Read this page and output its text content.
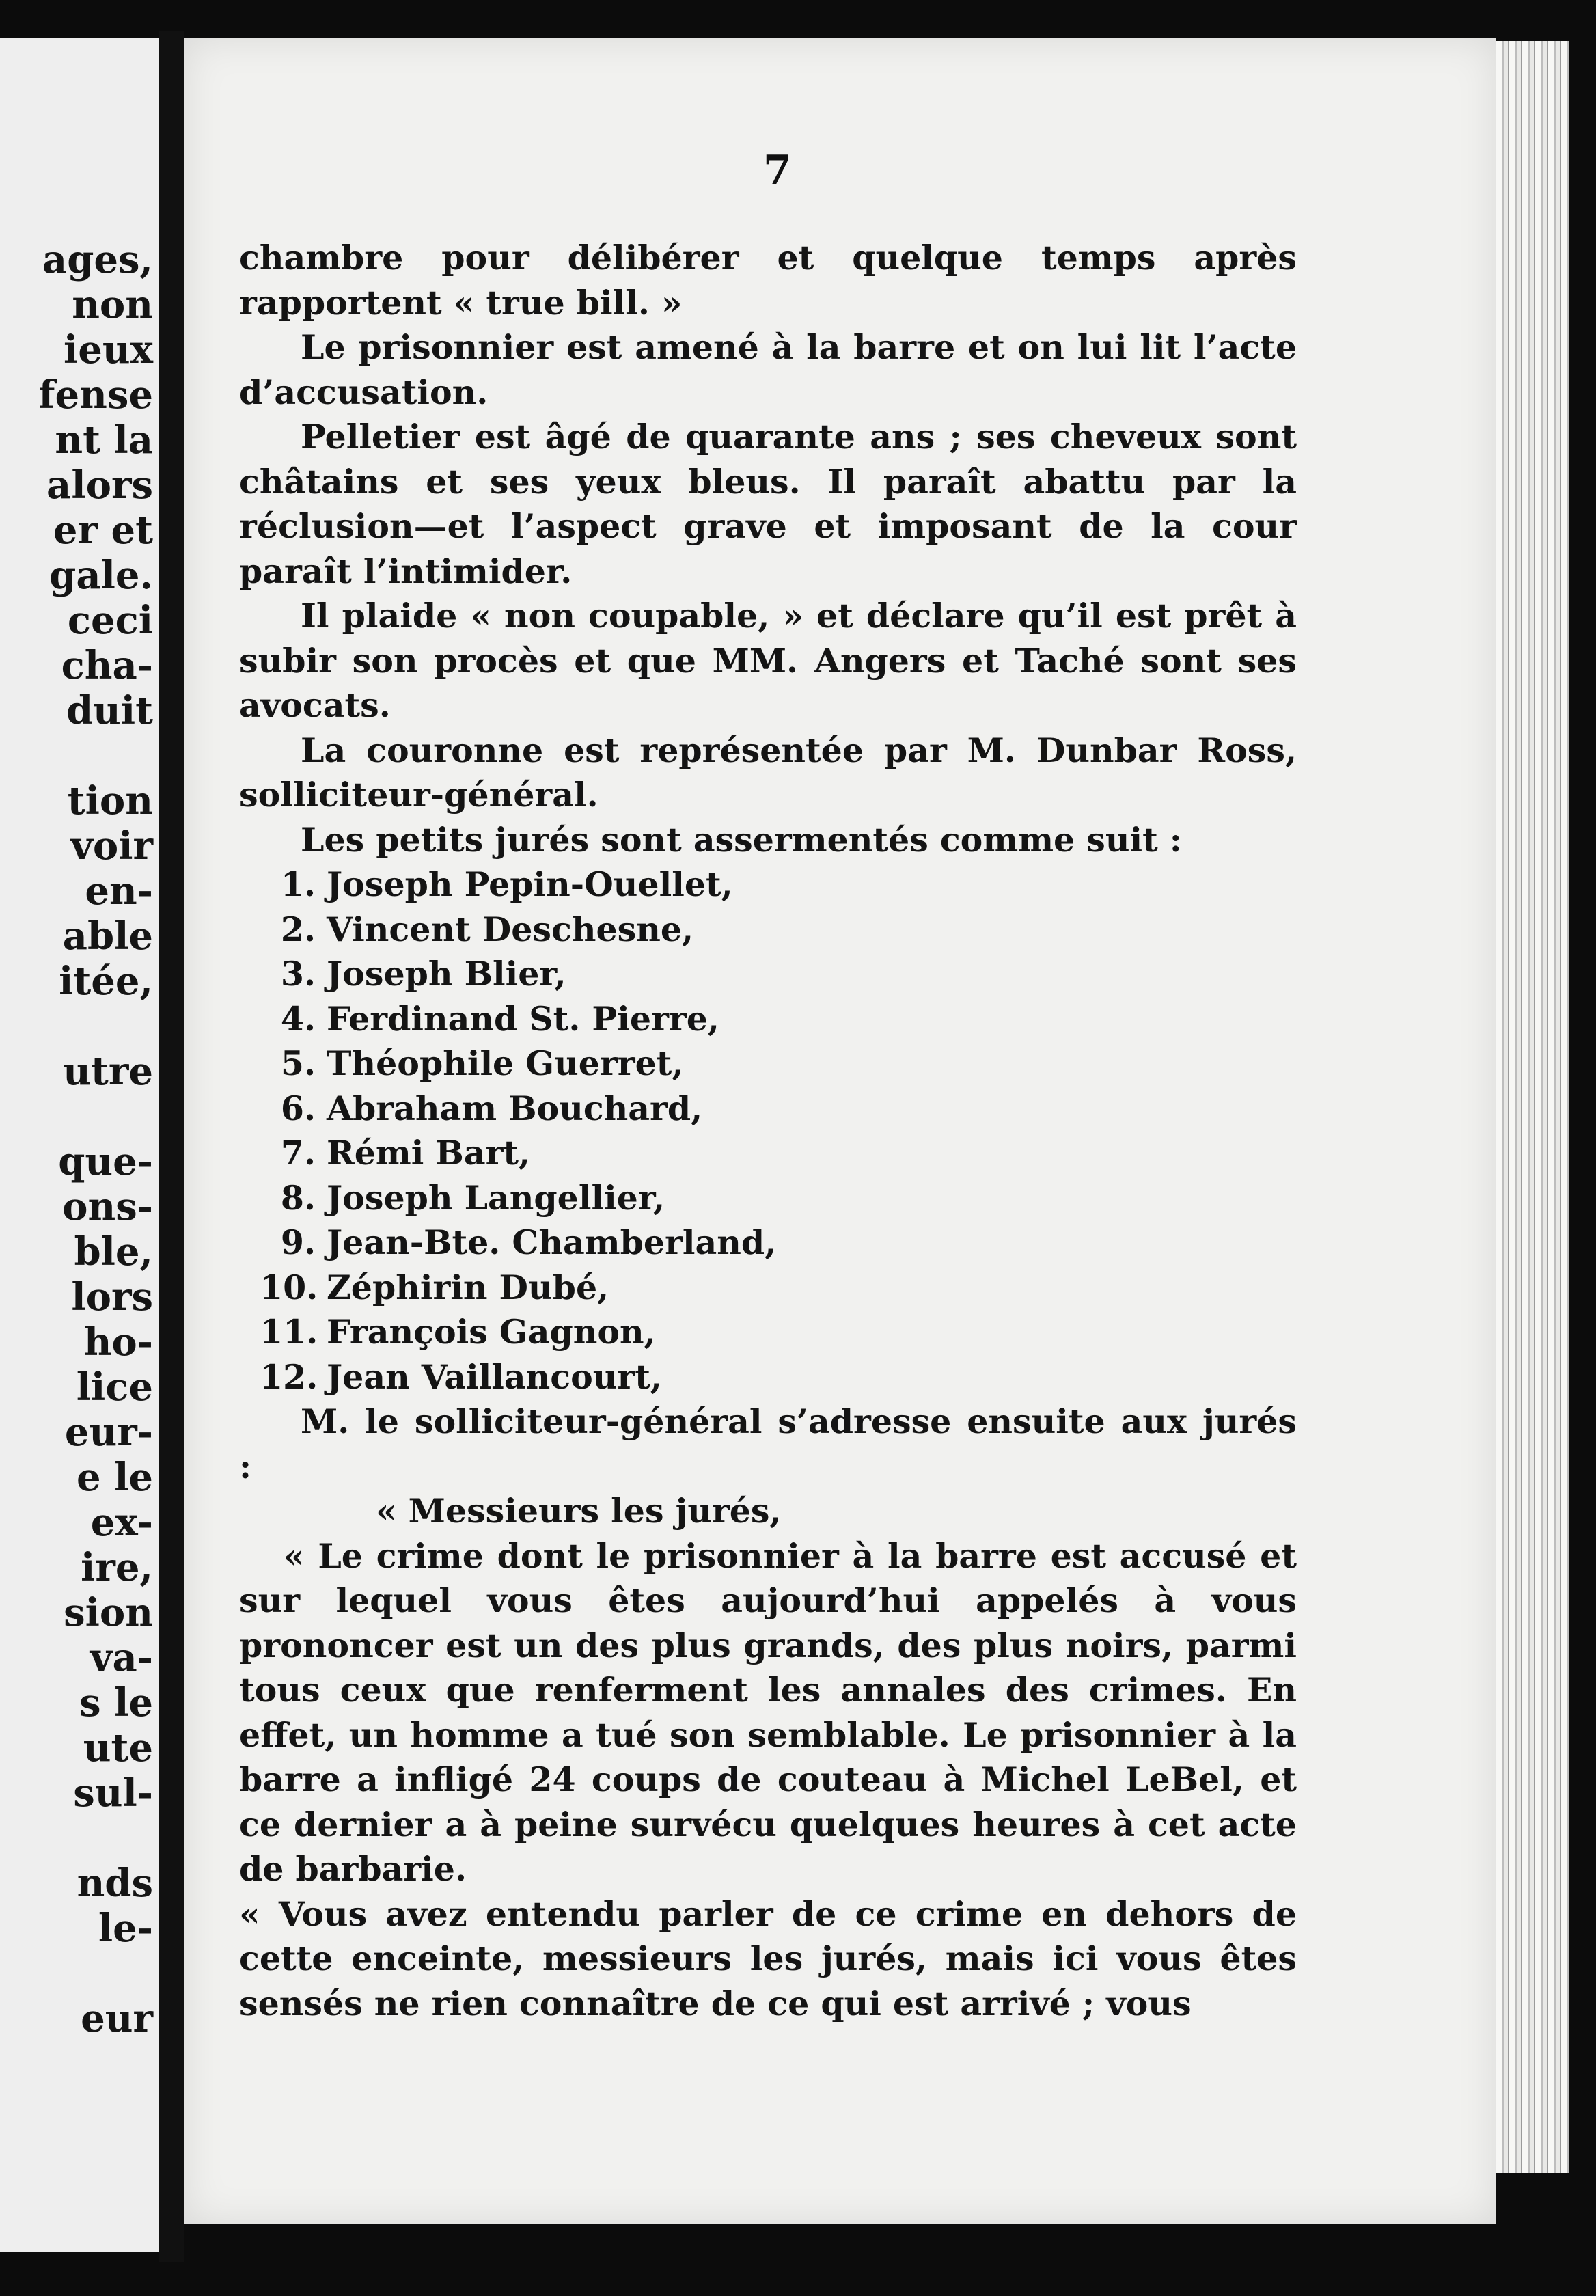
ages,

non

ieux

fense

nt la

alors

er et

gale.

ceci

cha-

duit

tion

voir

en-

able

itée,

utre

que-

ons-

ble,

lors

ho-

lice

eur-

e le

ex-

ire,

sion

va-

s le

ute

sul-

nds

le-

eur

7

chambre pour délibérer et quelque temps après rapportent « true bill. »

Le prisonnier est amené à la barre et on lui lit l’acte d’accusation.

Pelletier est âgé de quarante ans ; ses cheveux sont châtains et ses yeux bleus. Il paraît abattu par la réclusion—et l’aspect grave et imposant de la cour paraît l’intimider.

Il plaide « non coupable, » et déclare qu’il est prêt à subir son procès et que MM. Angers et Taché sont ses avocats.

La couronne est représentée par M. Dunbar Ross, solliciteur-général.

Les petits jurés sont assermentés comme suit :

1. Joseph Pepin-Ouellet,
2. Vincent Deschesne,
3. Joseph Blier,
4. Ferdinand St. Pierre,
5. Théophile Guerret,
6. Abraham Bouchard,
7. Rémi Bart,
8. Joseph Langellier,
9. Jean-Bte. Chamberland,
10. Zéphirin Dubé,
11. François Gagnon,
12. Jean Vaillancourt,

M. le solliciteur-général s’adresse ensuite aux jurés :

« Messieurs les jurés,

« Le crime dont le prisonnier à la barre est accusé et sur lequel vous êtes aujourd’hui appelés à vous prononcer est un des plus grands, des plus noirs, parmi tous ceux que renferment les annales des crimes. En effet, un homme a tué son semblable. Le prisonnier à la barre a infligé 24 coups de couteau à Michel LeBel, et ce dernier a à peine survécu quelques heures à cet acte de barbarie.

« Vous avez entendu parler de ce crime en dehors de cette enceinte, messieurs les jurés, mais ici vous êtes sensés ne rien connaître de ce qui est arrivé ; vous
